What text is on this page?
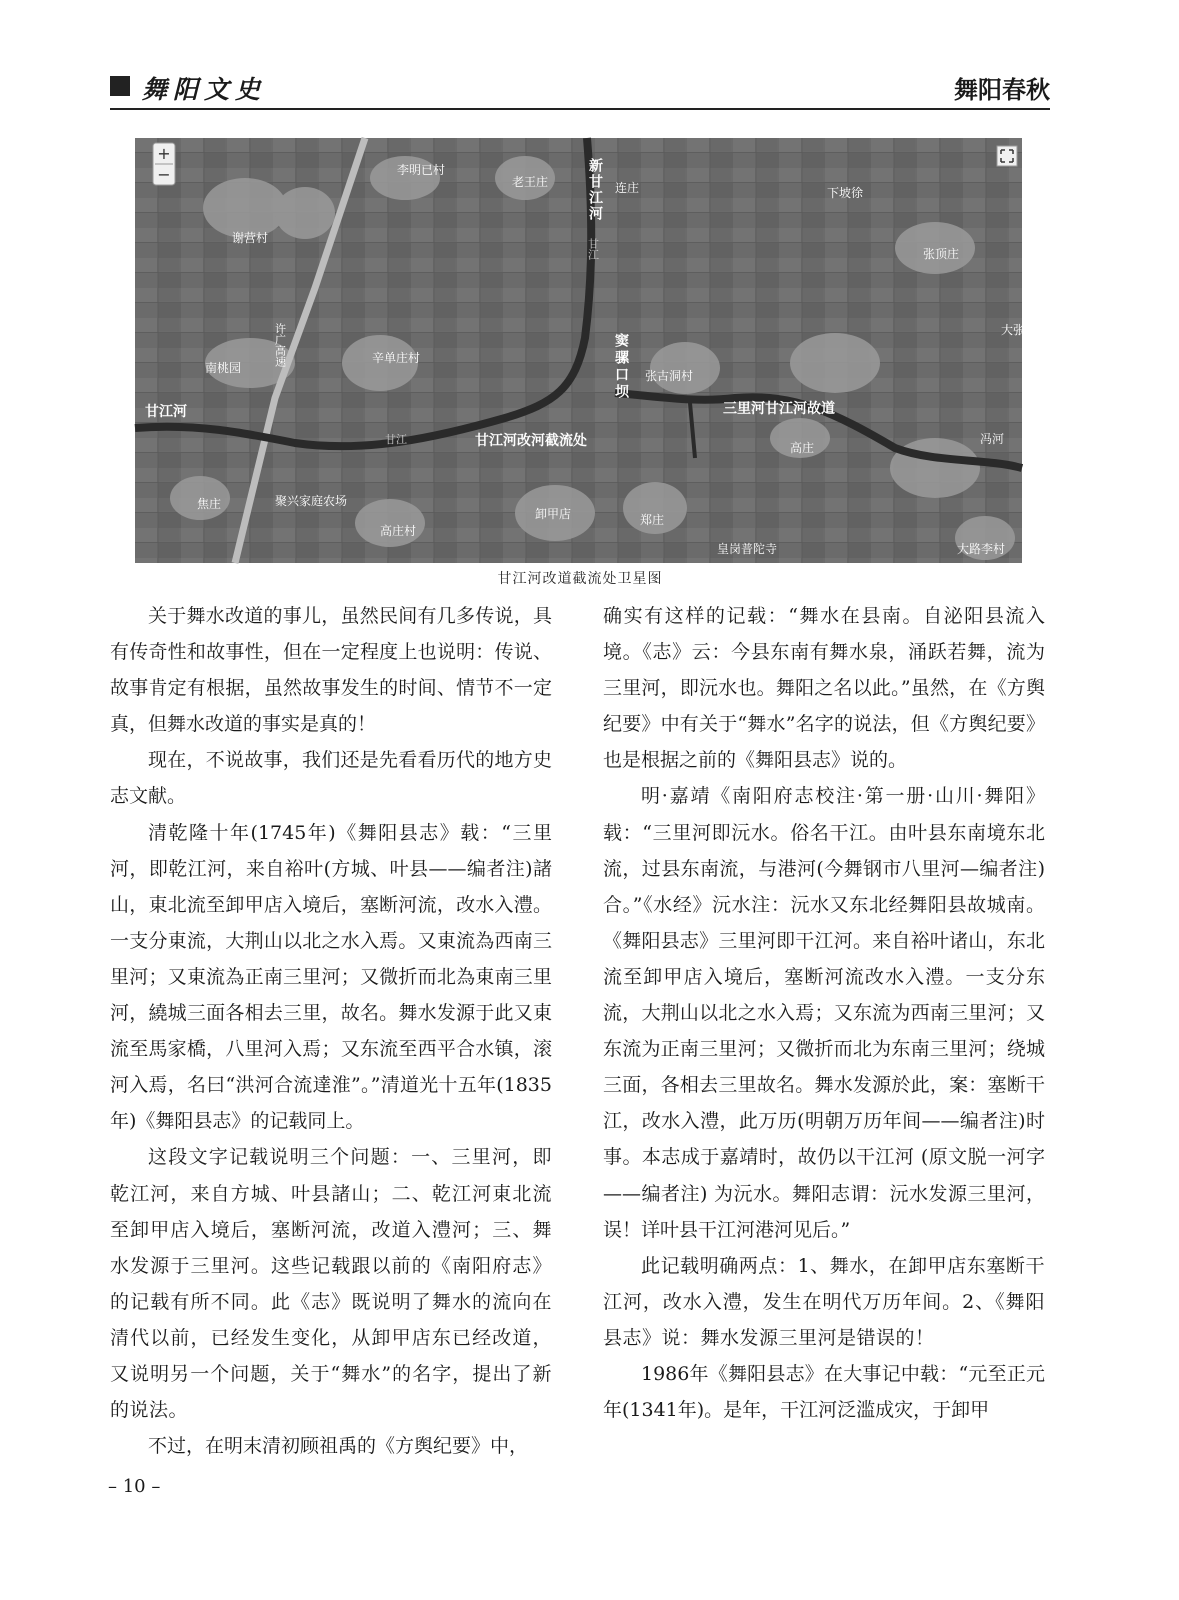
舞阳文史	舞阳春秋
+
−	李明已村
老王庄	连庄	下坡徐
谢营村
张顶庄
辛单庄村
南桃园
张古洞村
高庄
冯河
大张
焦庄	聚兴家庭农场
卸甲店
高庄村
郑庄
皇岗普陀寺	大路李村
甘江
甘江河	三里河甘江河故道
甘江河改河截流处
新甘江河
窦骡口坝
许广高速
甘江
甘江河改道截流处卫星图

关于舞水改道的事儿，虽然民间有几多传说，具有传奇性和故事性，但在一定程度上也说明：传说、故事肯定有根据，虽然故事发生的时间、情节不一定真，但舞水改道的事实是真的！

现在，不说故事，我们还是先看看历代的地方史志文献。

清乾隆十年(1745年)《舞阳县志》载：“三里河，即乾江河，来自裕叶(方城、叶县——编者注)諸山，東北流至卸甲店入境后，塞断河流，改水入澧。一支分東流，大荆山以北之水入焉。又東流為西南三里河；又東流為正南三里河；又微折而北為東南三里河，繞城三面各相去三里，故名。舞水发源于此又東流至馬家橋，八里河入焉；又东流至西平合水镇，滚河入焉，名曰“洪河合流達淮”。”清道光十五年(1835年)《舞阳县志》的记载同上。

这段文字记载说明三个问题：一、三里河，即乾江河，来自方城、叶县諸山；二、乾江河東北流至卸甲店入境后，塞断河流，改道入澧河；三、舞水发源于三里河。这些记载跟以前的《南阳府志》的记载有所不同。此《志》既说明了舞水的流向在清代以前，已经发生变化，从卸甲店东已经改道，又说明另一个问题，关于“舞水”的名字，提出了新的说法。

不过，在明末清初顾祖禹的《方舆纪要》中，

确实有这样的记载：“舞水在县南。自泌阳县流入境。《志》云：今县东南有舞水泉，涌跃若舞，流为三里河，即沅水也。舞阳之名以此。”虽然，在《方舆纪要》中有关于“舞水”名字的说法，但《方舆纪要》也是根据之前的《舞阳县志》说的。

明·嘉靖《南阳府志校注·第一册·山川·舞阳》载：“三里河即沅水。俗名干江。由叶县东南境东北流，过县东南流，与港河(今舞钢市八里河—编者注)合。”《水经》沅水注：沅水又东北经舞阳县故城南。《舞阳县志》三里河即干江河。来自裕叶诸山，东北流至卸甲店入境后，塞断河流改水入澧。一支分东流，大荆山以北之水入焉；又东流为西南三里河；又东流为正南三里河；又微折而北为东南三里河；绕城三面，各相去三里故名。舞水发源於此，案：塞断干江，改水入澧，此万历(明朝万历年间——编者注)时事。本志成于嘉靖时，故仍以干江河 (原文脱一河字——编者注) 为沅水。舞阳志谓：沅水发源三里河，误！详叶县干江河港河见后。”

此记载明确两点：1、舞水，在卸甲店东塞断干江河，改水入澧，发生在明代万历年间。2、《舞阳县志》说：舞水发源三里河是错误的！

1986年《舞阳县志》在大事记中载：“元至正元年(1341年)。是年，干江河泛滥成灾，于卸甲

– 10 –
